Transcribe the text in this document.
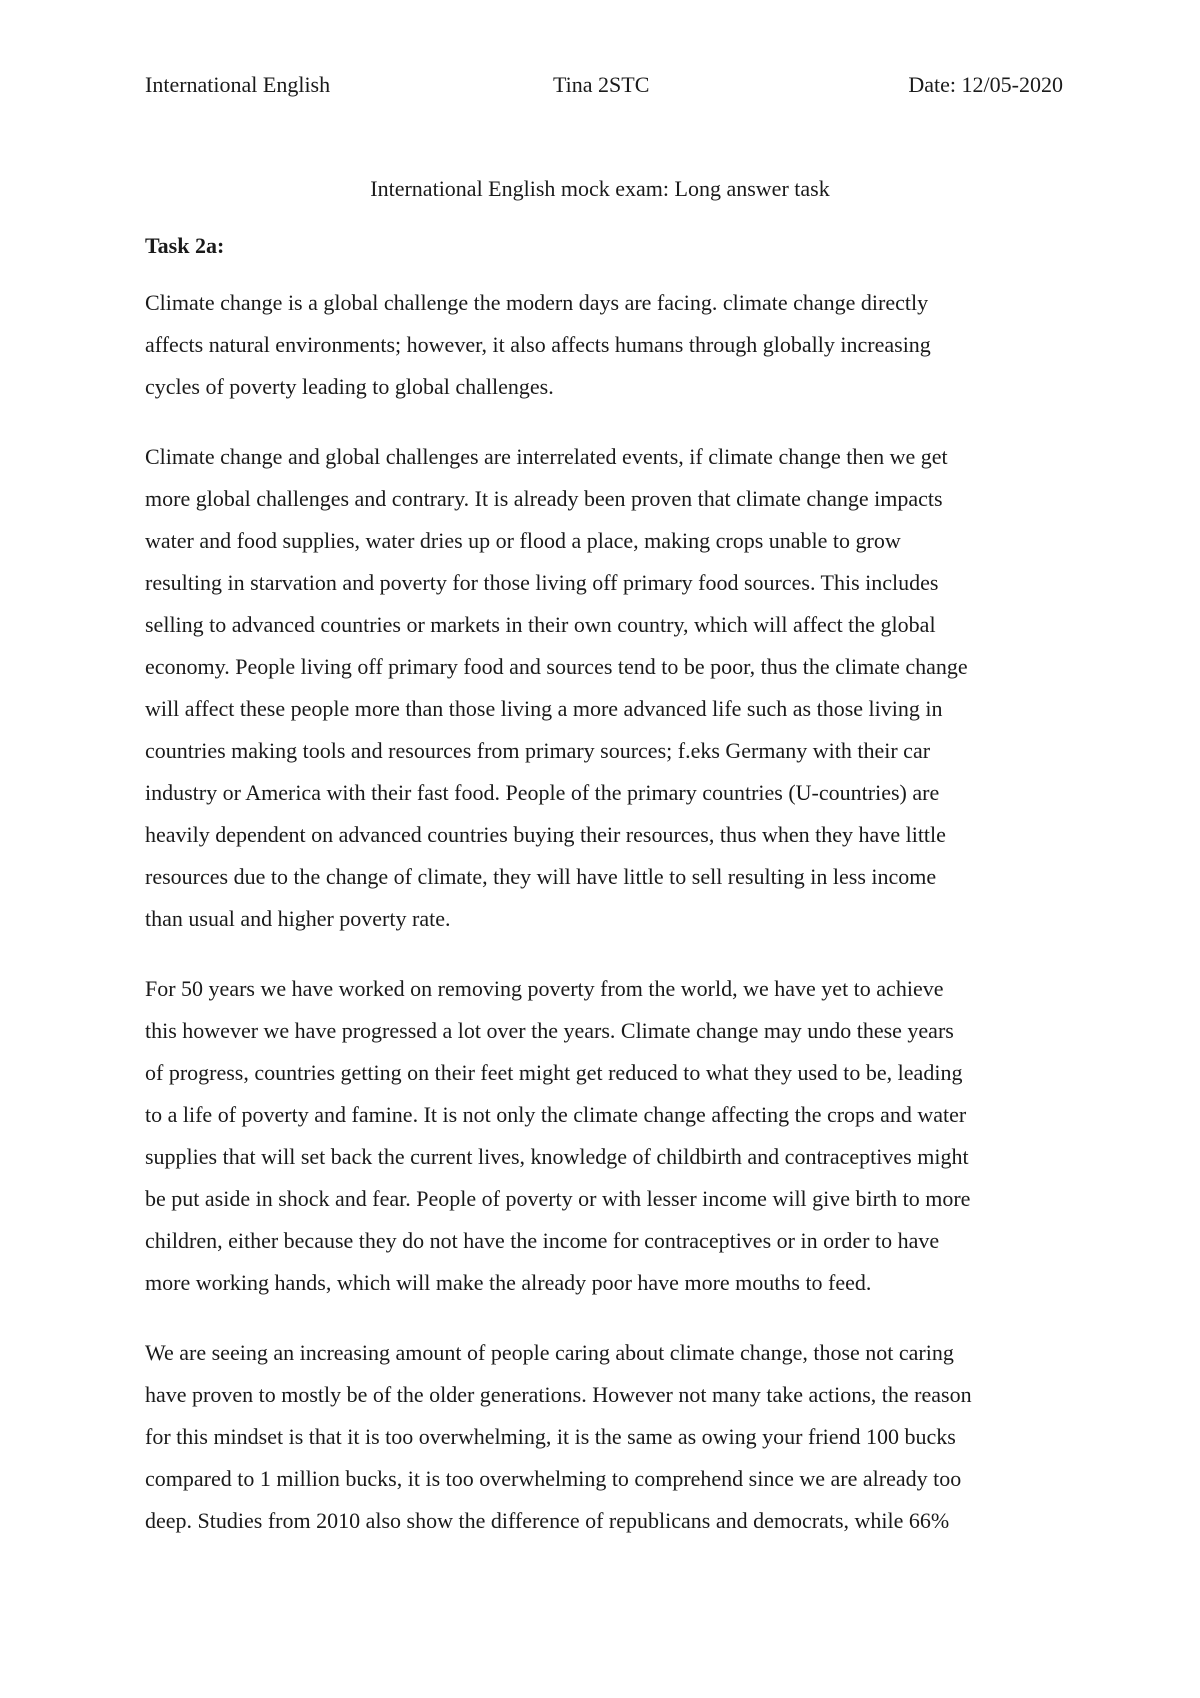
International English	Tina 2STC	Date: 12/05-2020
International English mock exam: Long answer task
Task 2a:

Climate change is a global challenge the modern days are facing. climate change directly
affects natural environments; however, it also affects humans through globally increasing
cycles of poverty leading to global challenges.

Climate change and global challenges are interrelated events, if climate change then we get
more global challenges and contrary. It is already been proven that climate change impacts
water and food supplies, water dries up or flood a place, making crops unable to grow
resulting in starvation and poverty for those living off primary food sources. This includes
selling to advanced countries or markets in their own country, which will affect the global
economy. People living off primary food and sources tend to be poor, thus the climate change
will affect these people more than those living a more advanced life such as those living in
countries making tools and resources from primary sources; f.eks Germany with their car
industry or America with their fast food. People of the primary countries (U-countries) are
heavily dependent on advanced countries buying their resources, thus when they have little
resources due to the change of climate, they will have little to sell resulting in less income
than usual and higher poverty rate.

For 50 years we have worked on removing poverty from the world, we have yet to achieve
this however we have progressed a lot over the years. Climate change may undo these years
of progress, countries getting on their feet might get reduced to what they used to be, leading
to a life of poverty and famine. It is not only the climate change affecting the crops and water
supplies that will set back the current lives, knowledge of childbirth and contraceptives might
be put aside in shock and fear. People of poverty or with lesser income will give birth to more
children, either because they do not have the income for contraceptives or in order to have
more working hands, which will make the already poor have more mouths to feed.

We are seeing an increasing amount of people caring about climate change, those not caring
have proven to mostly be of the older generations. However not many take actions, the reason
for this mindset is that it is too overwhelming, it is the same as owing your friend 100 bucks
compared to 1 million bucks, it is too overwhelming to comprehend since we are already too
deep. Studies from 2010 also show the difference of republicans and democrats, while 66%
